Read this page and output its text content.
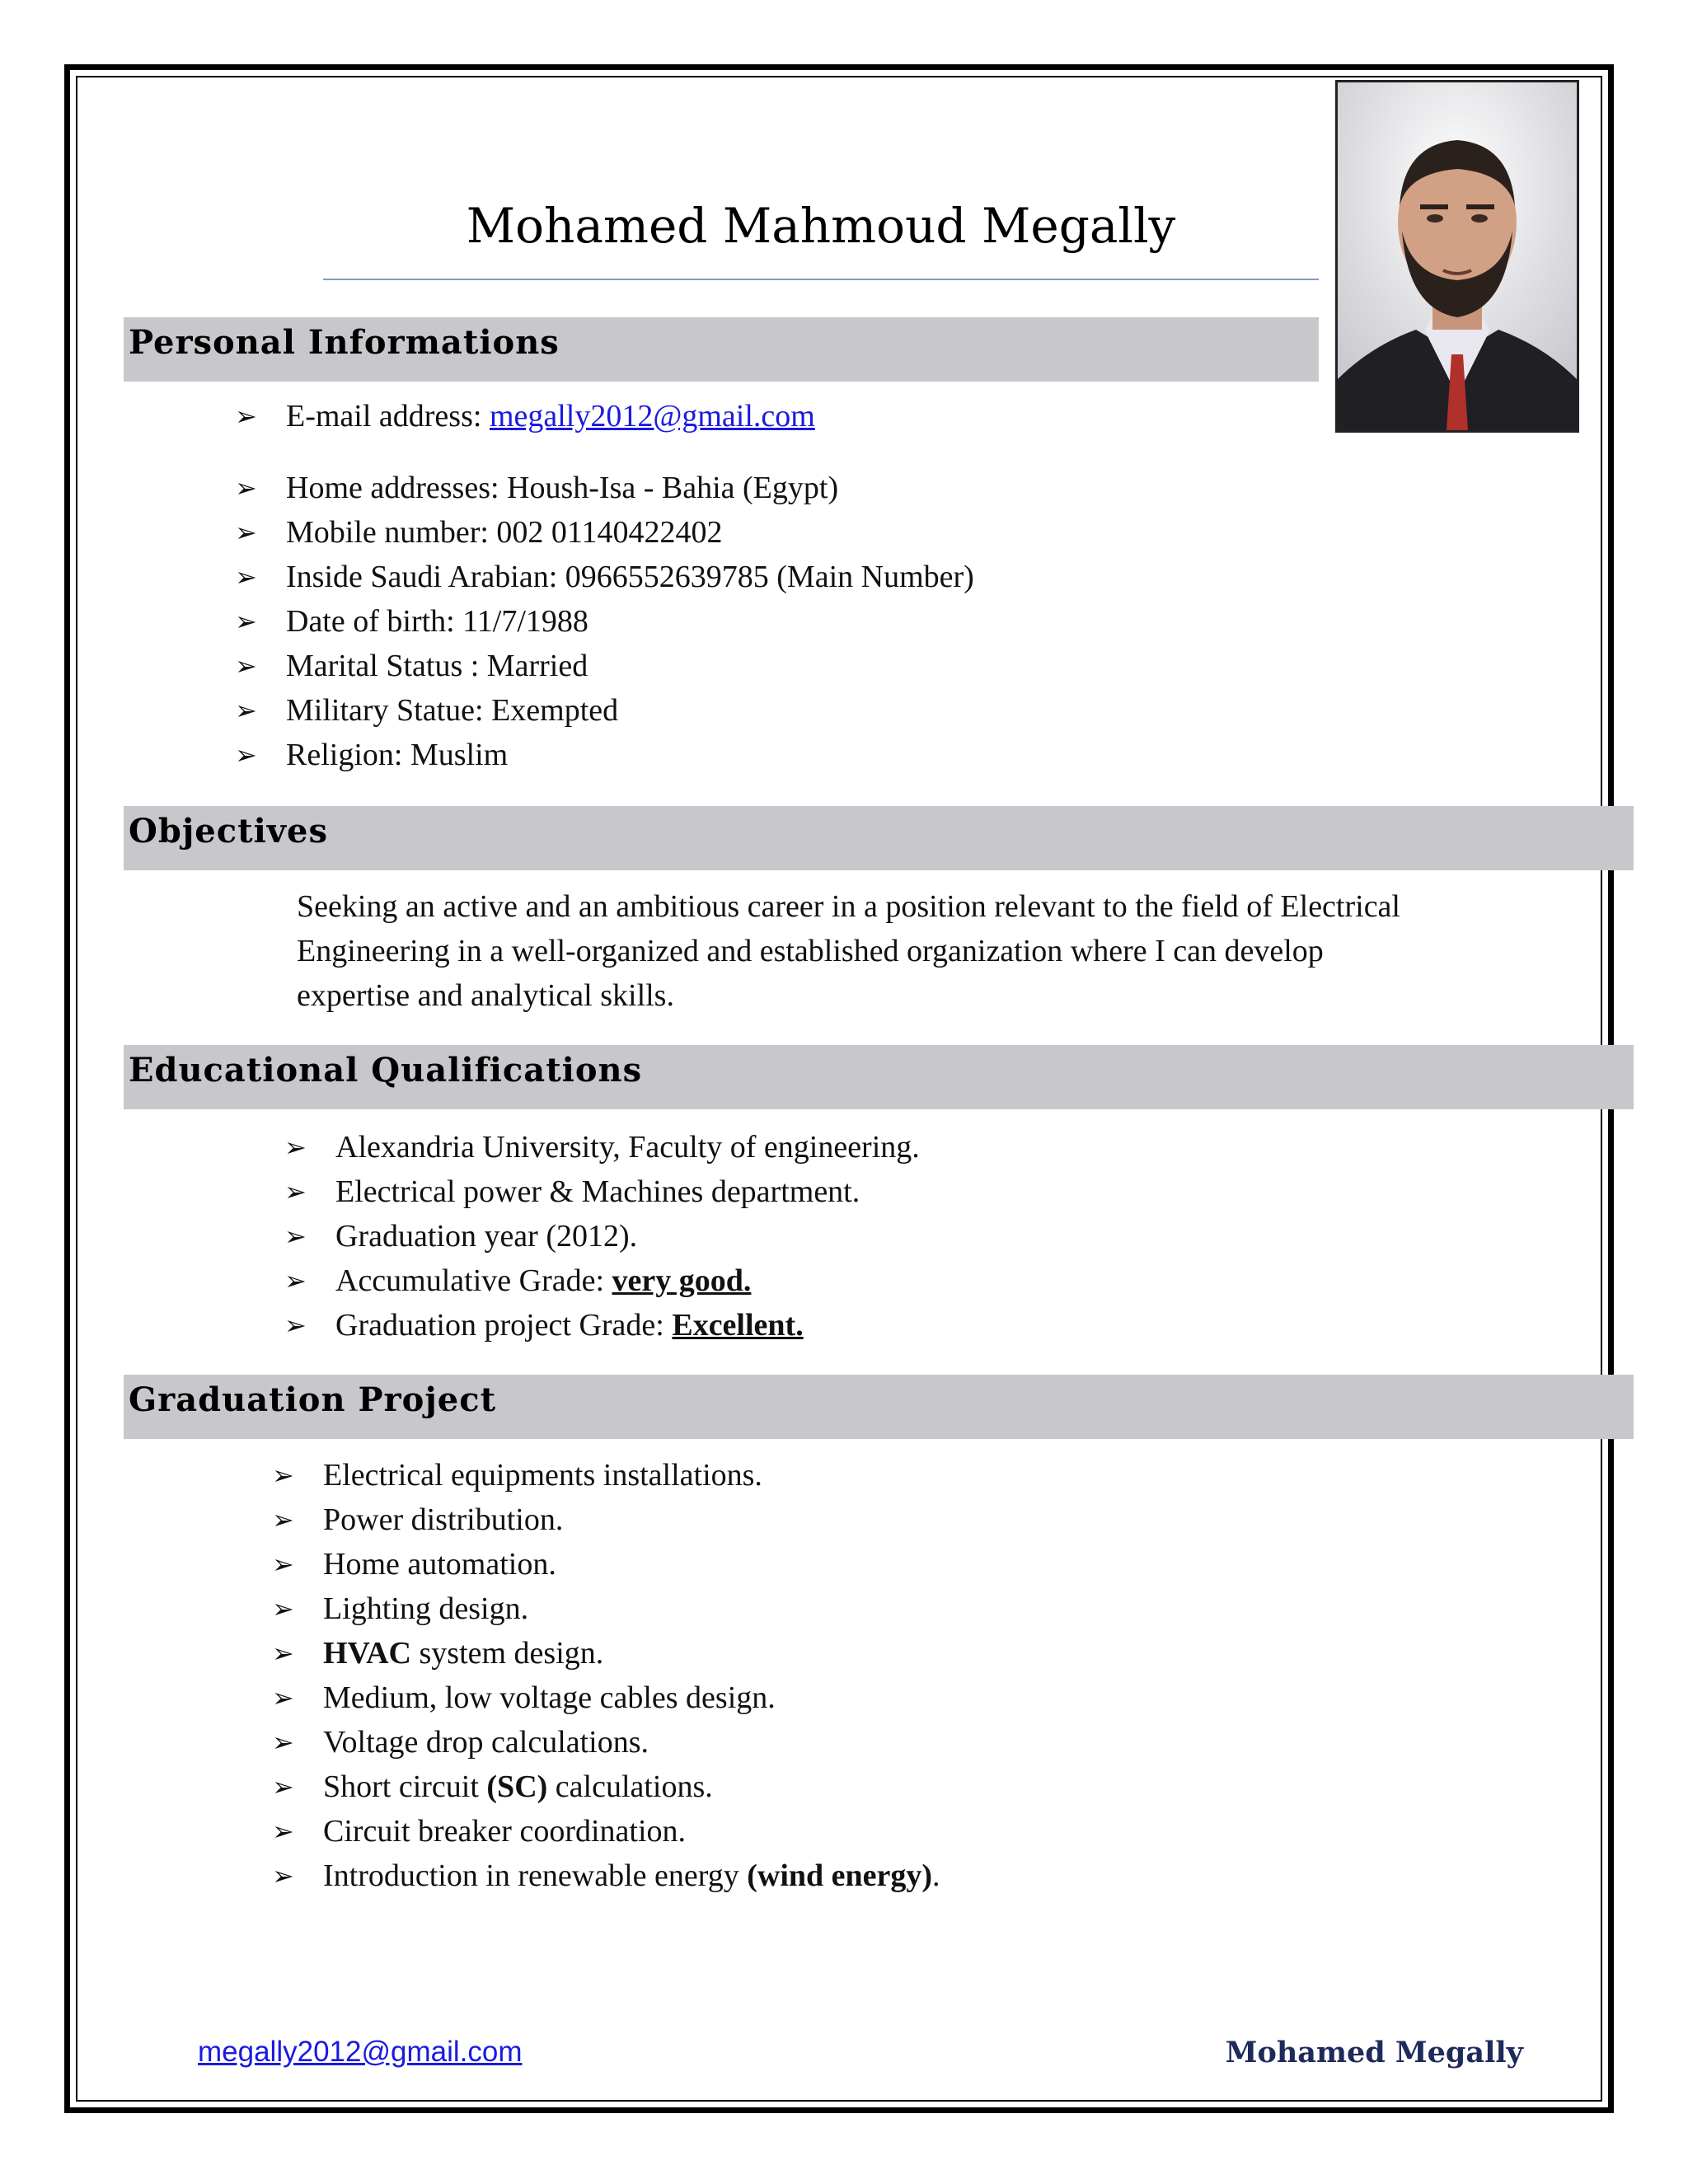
Mohamed Mahmoud Megally
Personal Informations
➢ E-mail address: megally2012@gmail.com
➢ Home addresses: Housh-Isa - Bahia (Egypt)
➢ Mobile number: 002 01140422402
➢ Inside Saudi Arabian: 0966552639785 (Main Number)
➢ Date of birth: 11/7/1988
➢ Marital Status : Married
➢ Military Statue: Exempted
➢ Religion: Muslim
Objectives
Seeking an active and an ambitious career in a position relevant to the field of Electrical
Engineering in a well-organized and established organization where I can develop
expertise and analytical skills.
Educational Qualifications
➢ Alexandria University, Faculty of engineering.
➢ Electrical power & Machines department.
➢ Graduation year (2012).
➢ Accumulative Grade: very good.
➢ Graduation project Grade: Excellent.
Graduation Project
➢ Electrical equipments installations.
➢ Power distribution.
➢ Home automation.
➢ Lighting design.
➢ HVAC system design.
➢ Medium, low voltage cables design.
➢ Voltage drop calculations.
➢ Short circuit (SC) calculations.
➢ Circuit breaker coordination.
➢ Introduction in renewable energy (wind energy).
megally2012@gmail.com	Mohamed Megally
